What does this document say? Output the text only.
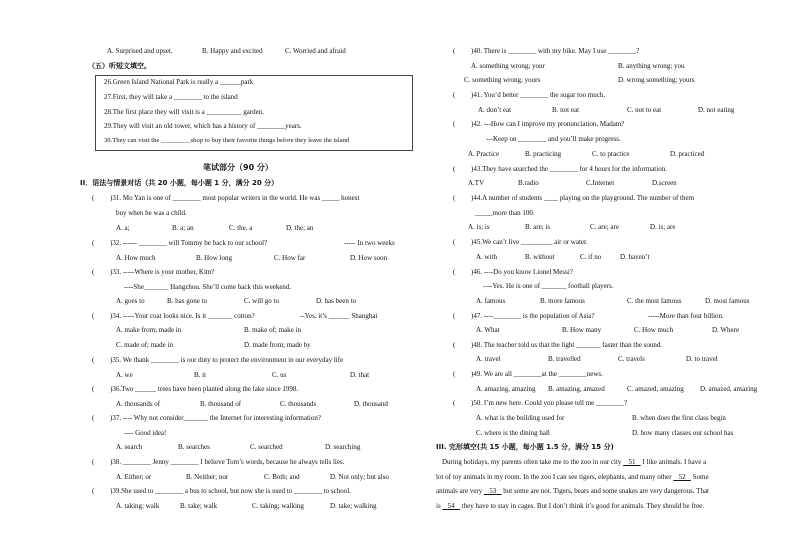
A. Surprised and upset.	B. Happy and excited	C. Worried and afraid
（五）听短文填空。
26.Green Island National Park is really a ______park
27.First, they will take a ________ to the island
28.The first place they will visit is a __________ garden.
29.They will visit an old tower, which has a history of ________years.
30.They can visit the _________shop to buy their favorite things before they leave the island
笔试部分（90 分）
II．语法与情景对话（共 20 小题，每小题 1 分，满分 20 分）
( )31. Mo Yan is one of ________ most popular writers in the world. He was _____ honest
buy when he was a child.
A. a;	B. a; an	C. the, a	D. the; an
( )32. ------ ________ will Tommy be back to our school?	----- In two weeks
A. How much	B. How long	C. How far	D. How soon
( )33. -----Where is your mother, Kim?
----She_______ Hangzhou. She’ll come back this weekend.
A. goes to	B. has gone to	C. will go to	D. has been to
( )34. -----Your coat looks nice. Is it _______ cotton?	--Yes, it’s ______ Shanghai
A. make from; made in	B. make of; make in
C. made of; made in	D. made from; made by
( )35. We thank ________ is our duty to protect the environment in our everyday life
A. we	B. it	C. us	D. that
( )36.Two ______ trees have been planted along the lake since 1998.
A. thousands of	B. thousand of	C. thousands	D. thousand
( )37. ---- Why not consider_______ the Internet for interesting information?
---- Good idea!
A. search	B. searches	C. searched	D. searching
( )38. ________ Jenny ________ I believe Tom’s words, because he always tells lies.
A. Either; or	B. Neither; nor	C. Both; and	D. Not only; but also
( )39.She used to ________ a bus to school, but now she is used to ________ to school.
A. taking; walk	B. take; walk	C. taking; walking	D. take; walking
( )40. There is ________ with my bike. May I use ________?
A. something wrong; your	B. anything wrong; you
C. something wrong; yours	D. wrong something; yours
( )41. You’d better ________ the sugar too much.
A. don’t eat	B. not eat	C. not to eat	D. not eating
( )42. ---How can I improve my pronunciation, Madam?
---Keep on ________ and you’ll make progress.
A. Practice	B. practicing	C. to practice	D. practiced
( )43.They have searched the ________ for 4 hours for the information.
A.TV	B.radio	C.Internet	D.screen
( )44.A number of students ____ playing on the playground. The number of them
_____more than 100.
A. is; is	B. are; is	C. are; are	D. is; are
( )45.We can’t live _________ air or water.
A. with	B. without	C. if no	D. haven’t
( )46. ----Do you know Lionel Messi?
----Yes. He is one of _______ football players.
A. famous	B. more famous	C. the most famous	D. most famous
( )47. ----________ is the population of Asia?	-----More than four billion.
A. What	B. How many	C. How much	D. Where
( )48. The teacher told us that the light _______ faster than the sound.
A. travel	B. travelled	C. travels	D. to travel
( )49. We are all ________at the ________news.
A. amazing, amazing B. amazing, amazed	C. amazed, amazing D. amazed, amazing
( )50. I’m new here. Could you please tell me ________?
A. what is the building used for	B. when does the first class begin
C. where is the dining hall	D. how many classes our school has
III. 完形填空(共 15 小题，每小题 1.5 分，满分 15 分)
During holidays, my parents often take me to the zoo in our city    51    I like animals. I have a
lot of toy animals in my room. In the zoo I can see tigers, elephants, and many other    52    Some
animals are very    53    but some are not. Tigers, bears and some snakes are very dangerous. That
is    54    they have to stay in cages. But I don’t think it’s good for animals. They should be free.
